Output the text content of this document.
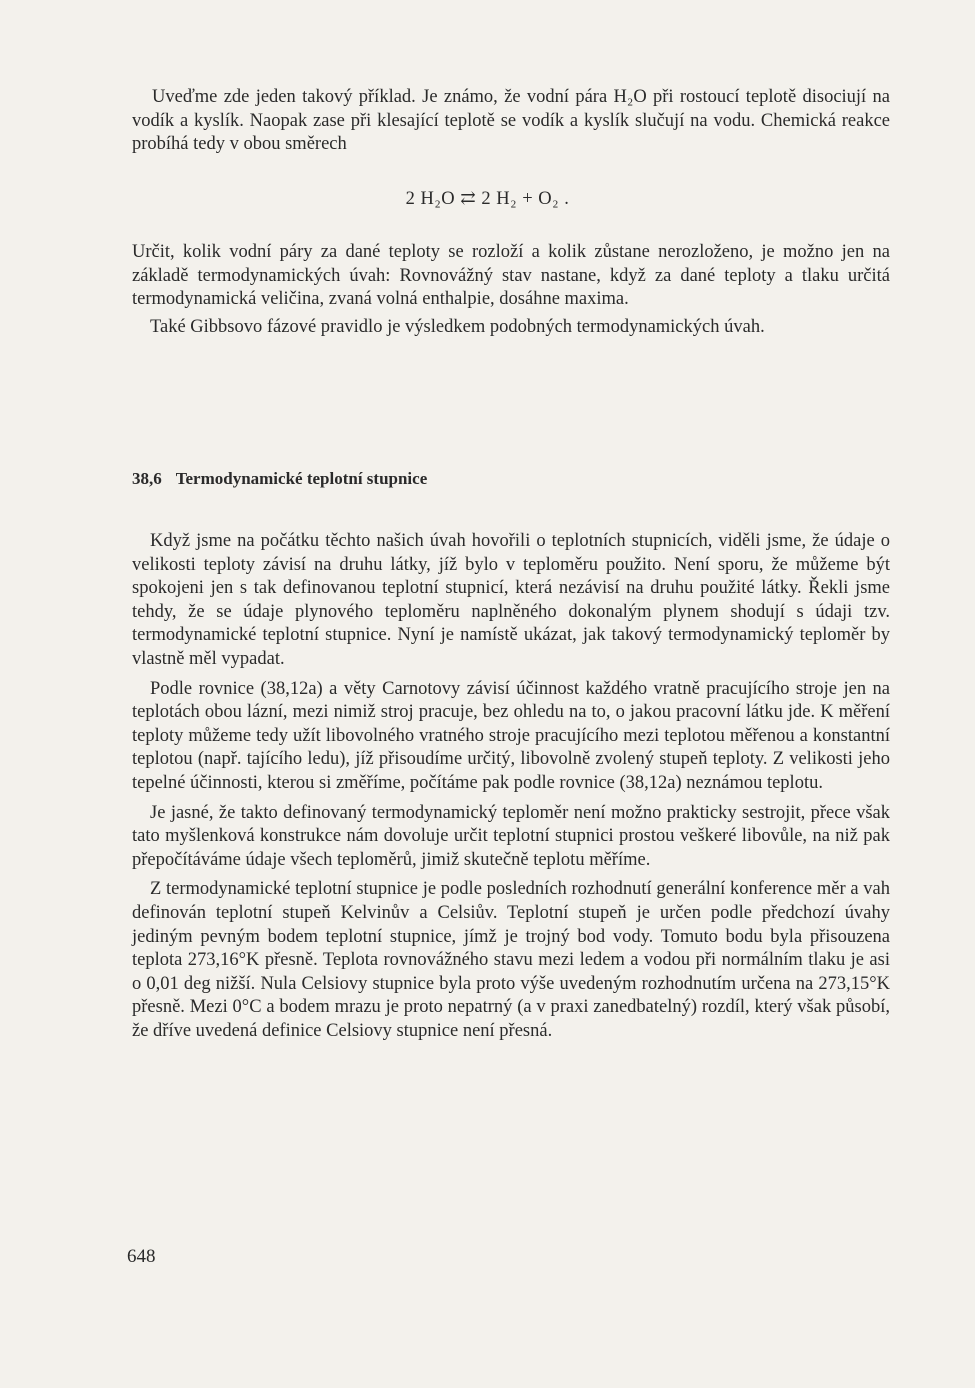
Uveďme zde jeden takový příklad. Je známo, že vodní pára H₂O při rostoucí teplotě disociují na vodík a kyslík. Naopak zase při klesající teplotě se vodík a kyslík slučují na vodu. Chemická reakce probíhá tedy v obou směrech

2 H₂O ⇄ 2 H₂ + O₂ .

Určit, kolik vodní páry za dané teploty se rozloží a kolik zůstane nerozloženo, je možno jen na základě termodynamických úvah: Rovnovážný stav nastane, když za dané teploty a tlaku určitá termodynamická veličina, zvaná volná enthalpie, dosáhne maxima.

Také Gibbsovo fázové pravidlo je výsledkem podobných termodynamických úvah.

38,6 Termodynamické teplotní stupnice

Když jsme na počátku těchto našich úvah hovořili o teplotních stupnicích, viděli jsme, že údaje o velikosti teploty závisí na druhu látky, jíž bylo v teploměru použito. Není sporu, že můžeme být spokojeni jen s tak definovanou teplotní stupnicí, která nezávisí na druhu použité látky. Řekli jsme tehdy, že se údaje plynového teploměru naplněného dokonalým plynem shodují s údaji tzv. termodynamické teplotní stupnice. Nyní je namístě ukázat, jak takový termodynamický teploměr by vlastně měl vypadat.

Podle rovnice (38,12a) a věty Carnotovy závisí účinnost každého vratně pracujícího stroje jen na teplotách obou lázní, mezi nimiž stroj pracuje, bez ohledu na to, o jakou pracovní látku jde. K měření teploty můžeme tedy užít libovolného vratného stroje pracujícího mezi teplotou měřenou a konstantní teplotou (např. tajícího ledu), jíž přisoudíme určitý, libovolně zvolený stupeň teploty. Z velikosti jeho tepelné účinnosti, kterou si změříme, počítáme pak podle rovnice (38,12a) neznámou teplotu.

Je jasné, že takto definovaný termodynamický teploměr není možno prakticky sestrojit, přece však tato myšlenková konstrukce nám dovoluje určit teplotní stupnici prostou veškeré libovůle, na niž pak přepočítáváme údaje všech teploměrů, jimiž skutečně teplotu měříme.

Z termodynamické teplotní stupnice je podle posledních rozhodnutí generální konference měr a vah definován teplotní stupeň Kelvinův a Celsiův. Teplotní stupeň je určen podle předchozí úvahy jediným pevným bodem teplotní stupnice, jímž je trojný bod vody. Tomuto bodu byla přisouzena teplota 273,16°K přesně. Teplota rovnovážného stavu mezi ledem a vodou při normálním tlaku je asi o 0,01 deg nižší. Nula Celsiovy stupnice byla proto výše uvedeným rozhodnutím určena na 273,15°K přesně. Mezi 0°C a bodem mrazu je proto nepatrný (a v praxi zanedbatelný) rozdíl, který však působí, že dříve uvedená definice Celsiovy stupnice není přesná.

648
